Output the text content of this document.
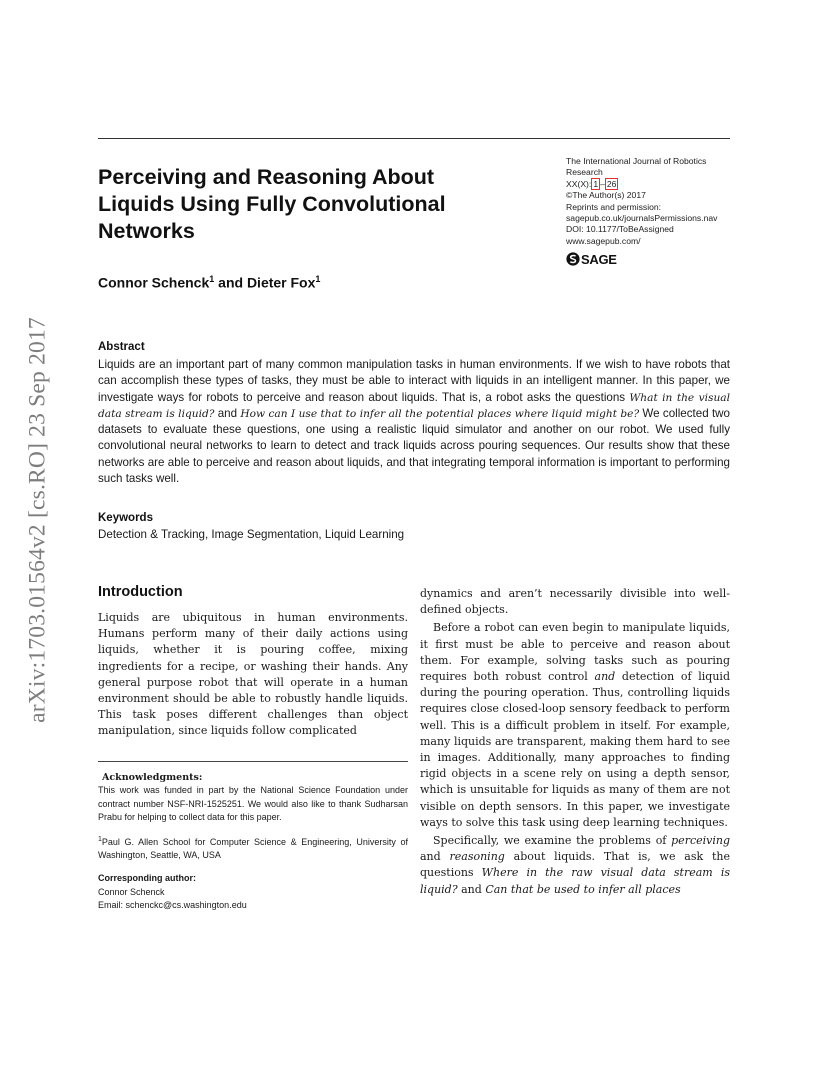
arXiv:1703.01564v2 [cs.RO] 23 Sep 2017
Perceiving and Reasoning About Liquids Using Fully Convolutional Networks
The International Journal of Robotics
Research
XX(X): 1 – 26
©The Author(s) 2017
Reprints and permission:
sagepub.co.uk/journalsPermissions.nav
DOI: 10.1177/ToBeAssigned
www.sagepub.com/
SAGE
Connor Schenck$^1$ and Dieter Fox$^1$
Abstract

Liquids are an important part of many common manipulation tasks in human environments. If we wish to have robots that can accomplish these types of tasks, they must be able to interact with liquids in an intelligent manner. In this paper, we investigate ways for robots to perceive and reason about liquids. That is, a robot asks the questions What in the visual data stream is liquid? and How can I use that to infer all the potential places where liquid might be? We collected two datasets to evaluate these questions, one using a realistic liquid simulator and another on our robot. We used fully convolutional neural networks to learn to detect and track liquids across pouring sequences. Our results show that these networks are able to perceive and reason about liquids, and that integrating temporal information is important to performing such tasks well.

Keywords

Detection & Tracking, Image Segmentation, Liquid Learning

Introduction

Liquids are ubiquitous in human environments. Humans perform many of their daily actions using liquids, whether it is pouring coffee, mixing ingredients for a recipe, or washing their hands. Any general purpose robot that will operate in a human environment should be able to robustly handle liquids. This task poses different challenges than object manipulation, since liquids follow complicated

dynamics and aren’t necessarily divisible into well-defined objects.

Before a robot can even begin to manipulate liquids, it first must be able to perceive and reason about them. For example, solving tasks such as pouring requires both robust control and detection of liquid during the pouring operation. Thus, controlling liquids requires close closed-loop sensory feedback to perform well. This is a difficult problem in itself. For example, many liquids are transparent, making them hard to see in images. Additionally, many approaches to finding rigid objects in a scene rely on using a depth sensor, which is unsuitable for liquids as many of them are not visible on depth sensors. In this paper, we investigate ways to solve this task using deep learning techniques.

Specifically, we examine the problems of perceiving and reasoning about liquids. That is, we ask the questions Where in the raw visual data stream is liquid? and Can that be used to infer all places

Acknowledgments:

This work was funded in part by the National Science Foundation under contract number NSF-NRI-1525251. We would also like to thank Sudharsan Prabu for helping to collect data for this paper.

$^1$Paul G. Allen School for Computer Science & Engineering, University of Washington, Seattle, WA, USA

Corresponding author:

Connor Schenck

Email: schenckc@cs.washington.edu
